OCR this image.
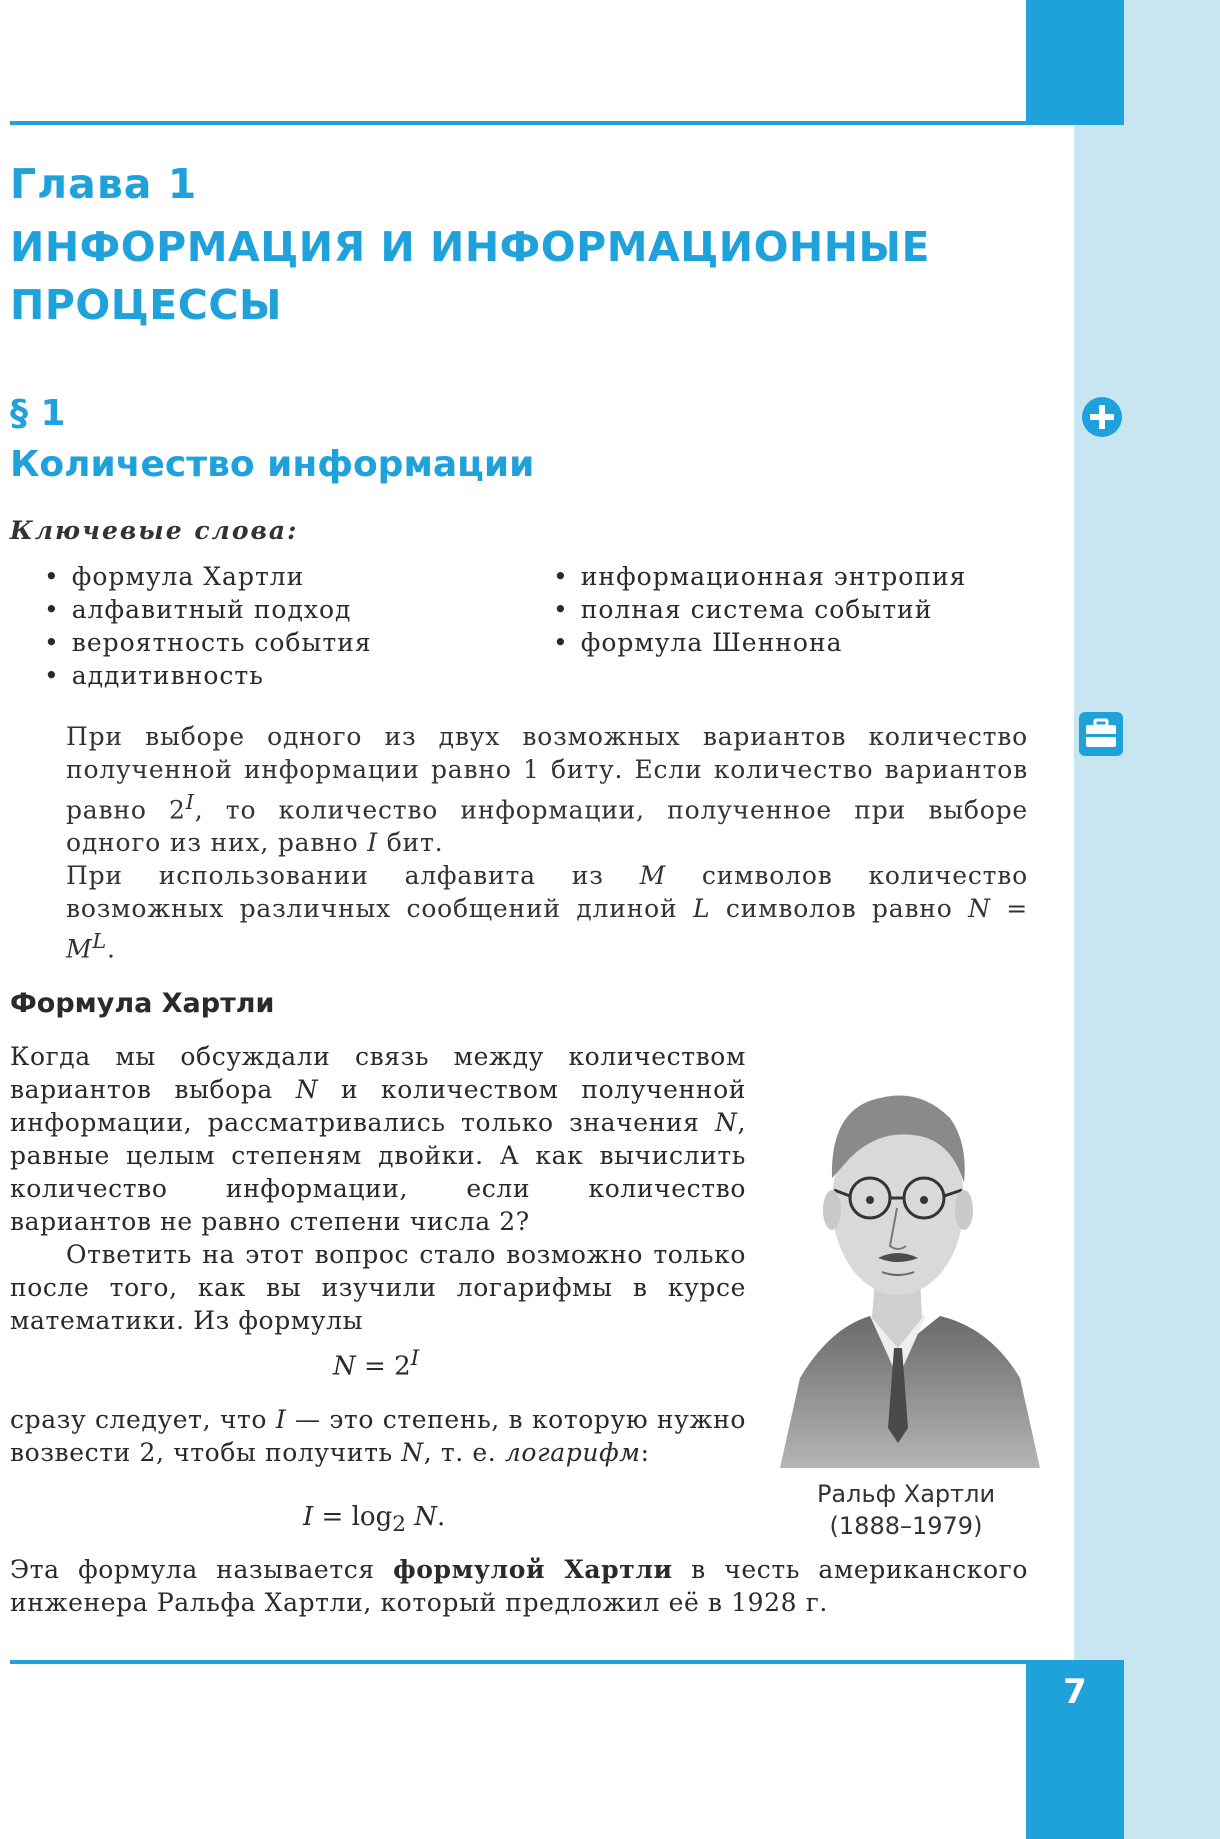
Глава 1
ИНФОРМАЦИЯ И ИНФОРМАЦИОННЫЕ ПРОЦЕССЫ
§ 1
Количество информации
Ключевые слова:
• формула Хартли
• алфавитный подход
• вероятность события
• аддитивность
• информационная энтропия
• полная система событий
• формула Шеннона

При выборе одного из двух возможных вариантов количество полученной информации равно 1 биту. Если количество вариантов равно $2^I$, то количество информации, полученное при выборе одного из них, равно I бит.

При использовании алфавита из M символов количество возможных различных сообщений длиной L символов равно $N = M^L$.

Формула Хартли

Когда мы обсуждали связь между количеством вариантов выбора N и количеством полученной информации, рассматривались только значения N, равные целым степеням двойки. А как вычислить количество информации, если количество вариантов не равно степени числа 2?

Ответить на этот вопрос стало возможно только после того, как вы изучили логарифмы в курсе математики. Из формулы

$N = 2^I$
сразу следует, что I — это степень, в которую нужно возвести 2, чтобы получить N, т. е. логарифм:
$I = \log_2 N$.
Эта формула называется формулой Хартли в честь американского инженера Ральфа Хартли, который предложил её в 1928 г.
Ральф Хартли
(1888–1979)
7
